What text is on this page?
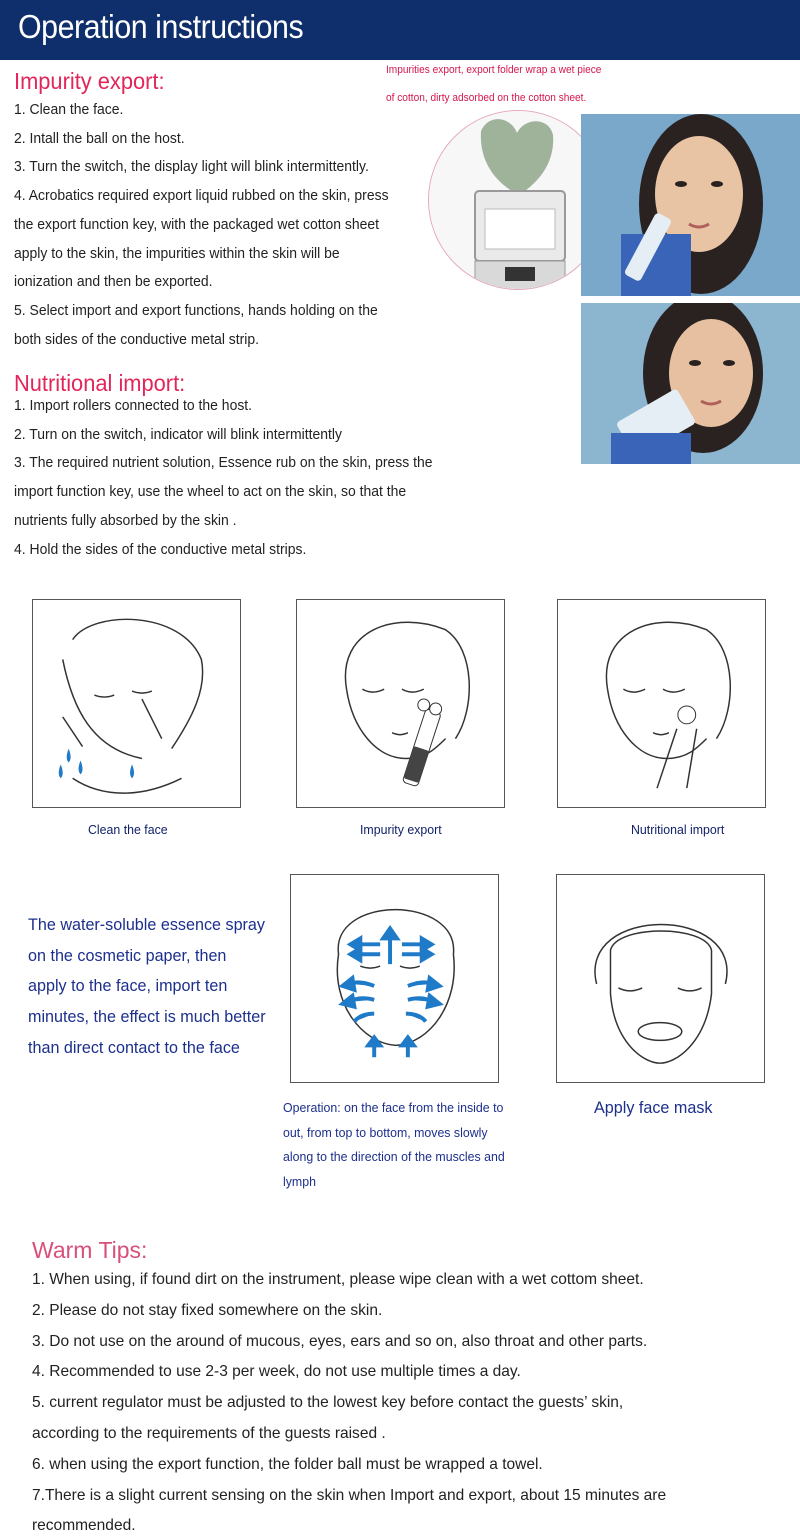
Operation instructions
Impurity export:
1. Clean the face.
2. Intall the ball on the host.
3. Turn the switch, the display light will blink intermittently.
4. Acrobatics required export liquid rubbed on the skin, press
the export function key, with the packaged wet cotton sheet
apply to the skin, the impurities within the skin will be
ionization and then be exported.
5. Select import and export functions, hands holding on the
both sides of the conductive metal strip.
Impurities export, export folder wrap a wet piece
of cotton, dirty adsorbed on the cotton sheet.
Nutritional import:
1. Import rollers connected to the host.
2. Turn on the switch, indicator will blink intermittently
3. The required nutrient solution, Essence rub on the skin, press the
import function key, use the wheel to act on the skin, so that the
nutrients fully absorbed by the skin .
4. Hold the sides of the conductive metal strips.
Clean the face	Impurity export	Nutritional import
The water-soluble essence spray
on the cosmetic paper, then
apply to the face, import ten
minutes, the effect is much better
than direct contact to the face
Operation: on the face from the inside to
out, from top to bottom, moves slowly
along to the direction of the muscles and
lymph
Apply face mask
Warm Tips:
1. When using, if found dirt on the instrument, please wipe clean with a wet cottom sheet.
2. Please do not stay fixed somewhere on the skin.
3. Do not use on the around of mucous, eyes, ears and so on, also throat and other parts.
4. Recommended to use 2-3 per week, do not use multiple times a day.
5. current regulator must be adjusted to the lowest key before contact the guests’ skin,
according to the requirements of the guests raised .
6. when using the export function, the folder ball must be wrapped a towel.
7.There is a slight current sensing on the skin when Import and export, about 15 minutes are
recommended.
